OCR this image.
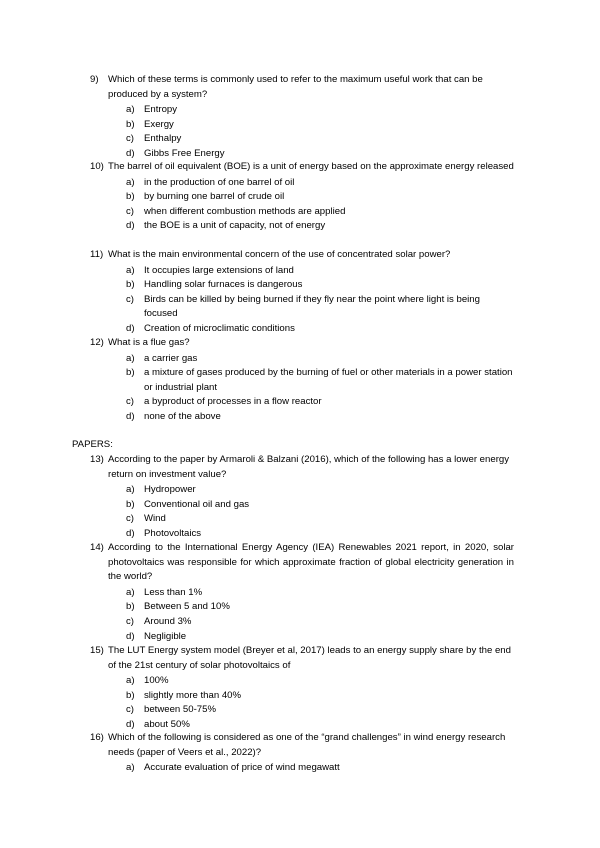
9) Which of these terms is commonly used to refer to the maximum useful work that can be produced by a system?
a) Entropy
b) Exergy
c) Enthalpy
d) Gibbs Free Energy
10) The barrel of oil equivalent (BOE) is a unit of energy based on the approximate energy released
a) in the production of one barrel of oil
b) by burning one barrel of crude oil
c) when different combustion methods are applied
d) the BOE is a unit of capacity, not of energy
11) What is the main environmental concern of the use of concentrated solar power?
a) It occupies large extensions of land
b) Handling solar furnaces is dangerous
c) Birds can be killed by being burned if they fly near the point where light is being focused
d) Creation of microclimatic conditions
12) What is a flue gas?
a) a carrier gas
b) a mixture of gases produced by the burning of fuel or other materials in a power station or industrial plant
c) a byproduct of processes in a flow reactor
d) none of the above
PAPERS:
13) According to the paper by Armaroli & Balzani (2016), which of the following has a lower energy return on investment value?
a) Hydropower
b) Conventional oil and gas
c) Wind
d) Photovoltaics
14) According to the International Energy Agency (IEA) Renewables 2021 report, in 2020, solar photovoltaics was responsible for which approximate fraction of global electricity generation in the world?
a) Less than 1%
b) Between 5 and 10%
c) Around 3%
d) Negligible
15) The LUT Energy system model (Breyer et al, 2017) leads to an energy supply share by the end of the 21st century of solar photovoltaics of
a) 100%
b) slightly more than 40%
c) between 50-75%
d) about 50%
16) Which of the following is considered as one of the “grand challenges” in wind energy research needs (paper of Veers et al., 2022)?
a) Accurate evaluation of price of wind megawatt
